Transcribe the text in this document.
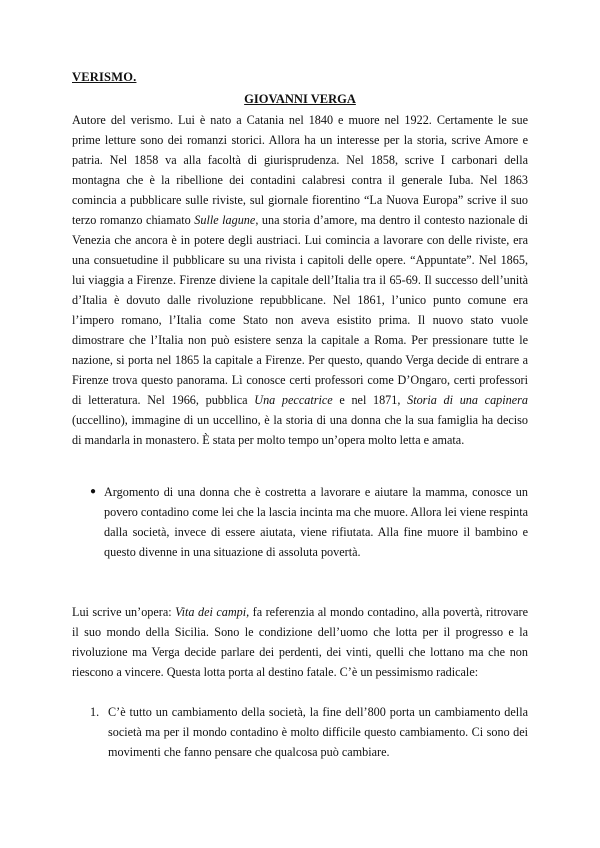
VERISMO.
GIOVANNI VERGA
Autore del verismo. Lui è nato a Catania nel 1840 e muore nel 1922. Certamente le sue prime letture sono dei romanzi storici. Allora ha un interesse per la storia, scrive Amore e patria. Nel 1858 va alla facoltà di giurisprudenza. Nel 1858, scrive I carbonari della montagna che è la ribellione dei contadini calabresi contra il generale Iuba. Nel 1863 comincia a pubblicare sulle riviste, sul giornale fiorentino “La Nuova Europa” scrive il suo terzo romanzo chiamato Sulle lagune, una storia d’amore, ma dentro il contesto nazionale di Venezia che ancora è in potere degli austriaci. Lui comincia a lavorare con delle riviste, era una consuetudine il pubblicare su una rivista i capitoli delle opere. “Appuntate”. Nel 1865, lui viaggia a Firenze. Firenze diviene la capitale dell’Italia tra il 65-69. Il successo dell’unità d’Italia è dovuto dalle rivoluzione repubblicane. Nel 1861, l’unico punto comune era l’impero romano, l’Italia come Stato non aveva esistito prima. Il nuovo stato vuole dimostrare che l’Italia non può esistere senza la capitale a Roma. Per pressionare tutte le nazione, si porta nel 1865 la capitale a Firenze. Per questo, quando Verga decide di entrare a Firenze trova questo panorama. Lì conosce certi professori come D’Ongaro, certi professori di letteratura. Nel 1966, pubblica Una peccatrice e nel 1871, Storia di una capinera (uccellino), immagine di un uccellino, è la storia di una donna che la sua famiglia ha deciso di mandarla in monastero. È stata per molto tempo un’opera molto letta e amata.
● Argomento di una donna che è costretta a lavorare e aiutare la mamma, conosce un povero contadino come lei che la lascia incinta ma che muore. Allora lei viene respinta dalla società, invece di essere aiutata, viene rifiutata. Alla fine muore il bambino e questo divenne in una situazione di assoluta povertà.
Lui scrive un’opera: Vita dei campi, fa referenzia al mondo contadino, alla povertà, ritrovare il suo mondo della Sicilia. Sono le condizione dell’uomo che lotta per il progresso e la rivoluzione ma Verga decide parlare dei perdenti, dei vinti, quelli che lottano ma che non riescono a vincere. Questa lotta porta al destino fatale. C’è un pessimismo radicale:
1. C’è tutto un cambiamento della società, la fine dell’800 porta un cambiamento della società ma per il mondo contadino è molto difficile questo cambiamento. Ci sono dei movimenti che fanno pensare che qualcosa può cambiare.
